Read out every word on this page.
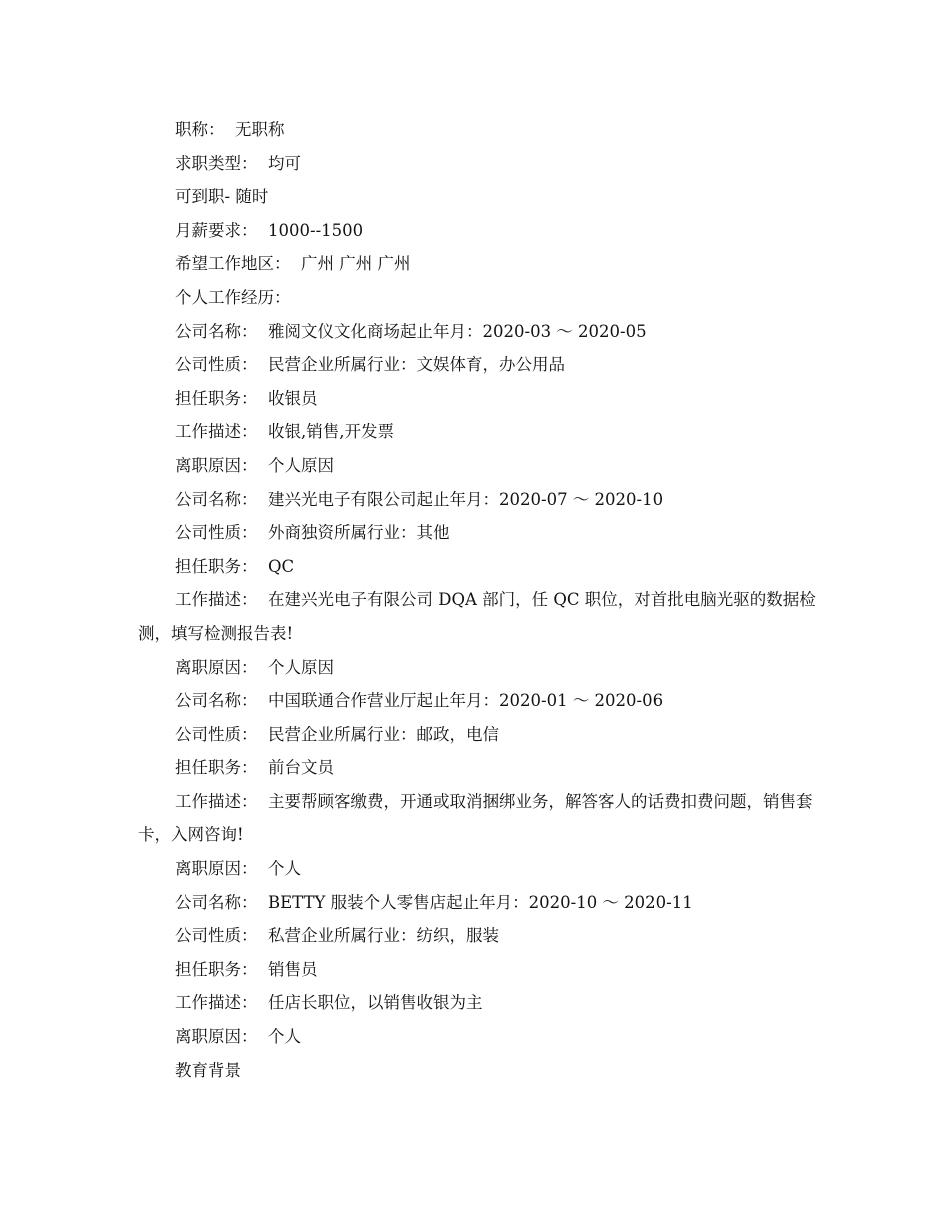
职称： 无职称

求职类型： 均可

可到职- 随时

月薪要求： 1000--1500

希望工作地区： 广州 广州 广州

个人工作经历：

公司名称： 雅阅文仪文化商场起止年月：2020-03 ～ 2020-05

公司性质： 民营企业所属行业：文娱体育，办公用品

担任职务： 收银员

工作描述： 收银,销售,开发票

离职原因： 个人原因

公司名称： 建兴光电子有限公司起止年月：2020-07 ～ 2020-10

公司性质： 外商独资所属行业：其他

担任职务： QC

工作描述： 在建兴光电子有限公司 DQA 部门，任 QC 职位，对首批电脑光驱的数据检测，填写检测报告表!

离职原因： 个人原因

公司名称： 中国联通合作营业厅起止年月：2020-01 ～ 2020-06

公司性质： 民营企业所属行业：邮政，电信

担任职务： 前台文员

工作描述： 主要帮顾客缴费，开通或取消捆绑业务，解答客人的话费扣费问题，销售套卡，入网咨询!

离职原因： 个人

公司名称： BETTY 服装个人零售店起止年月：2020-10 ～ 2020-11

公司性质： 私营企业所属行业：纺织，服装

担任职务： 销售员

工作描述： 任店长职位，以销售收银为主

离职原因： 个人

教育背景
